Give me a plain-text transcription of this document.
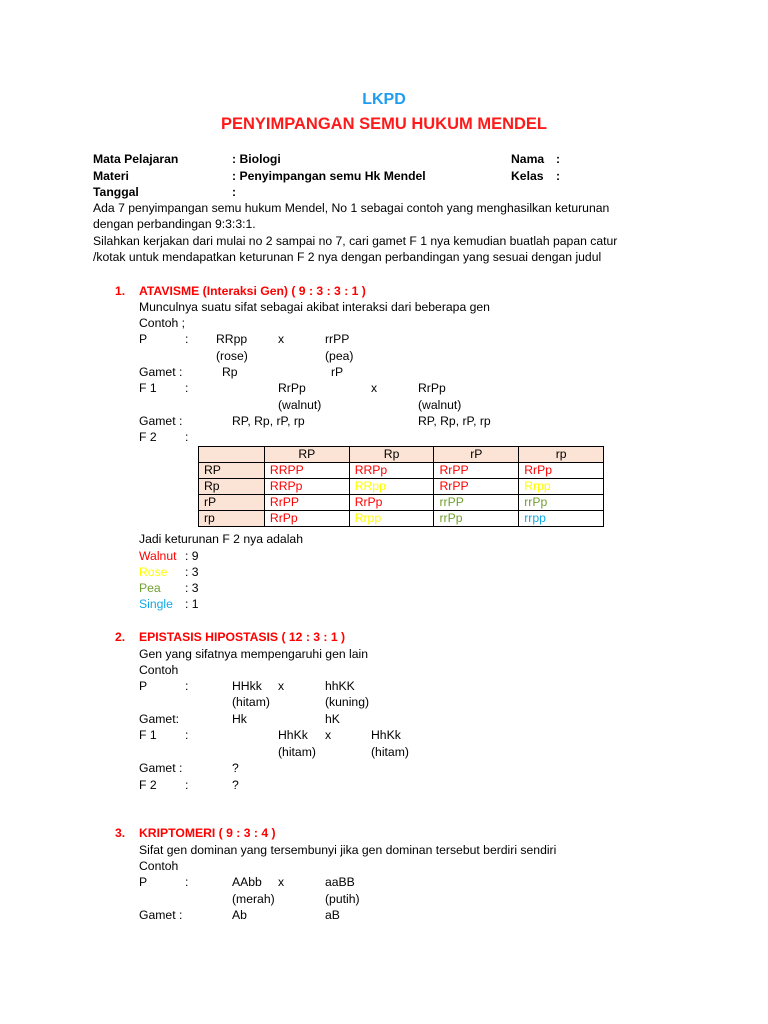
LKPD
PENYIMPANGAN SEMU HUKUM MENDEL
Mata Pelajaran	: Biologi
Materi	: Penyimpangan semu Hk Mendel
Tanggal	:
Nama :
Kelas :
Ada 7 penyimpangan semu hukum Mendel, No 1 sebagai contoh yang menghasilkan keturunan
dengan perbandingan 9:3:3:1.
Silahkan kerjakan dari mulai no 2 sampai no 7, cari gamet F 1 nya kemudian buatlah papan catur
/kotak untuk mendapatkan keturunan F 2 nya dengan perbandingan yang sesuai dengan judul
1. ATAVISME (Interaksi Gen) ( 9 : 3 : 3 : 1 )
Munculnya suatu sifat sebagai akibat interaksi dari beberapa gen
Contoh ;
P	: RRpp	x	rrPP
(rose)	(pea)
Gamet :	Rp	rP
F 1 :	RrPp	x	RrPp
(walnut)	(walnut)
Gamet :	RP, Rp, rP, rp	RP, Rp, rP, rp
F 2 :
	RP	Rp	rP	rp
RP	RRPP	RRPp	RrPP	RrPp
Rp	RRPp	RRpp	RrPP	Rrpp
rP	RrPP	RrPp	rrPP	rrPp
rp	RrPp	Rrpp	rrPp	rrpp
Jadi keturunan F 2 nya adalah
Walnut : 9
Rose : 3
Pea : 3
Single : 1
2. EPISTASIS HIPOSTASIS ( 12 : 3 : 1 )
Gen yang sifatnya mempengaruhi gen lain
Contoh
P	:	HHkk x	hhKK
(hitam)	(kuning)
Gamet:	Hk	hK
F 1 :	HhKk x	HhKk
(hitam)	(hitam)
Gamet :	?
F 2 :	?
3. KRIPTOMERI ( 9 : 3 : 4 )
Sifat gen dominan yang tersembunyi jika gen dominan tersebut berdiri sendiri
Contoh
P	:	AAbb x	aaBB
(merah)	(putih)
Gamet :	Ab	aB
